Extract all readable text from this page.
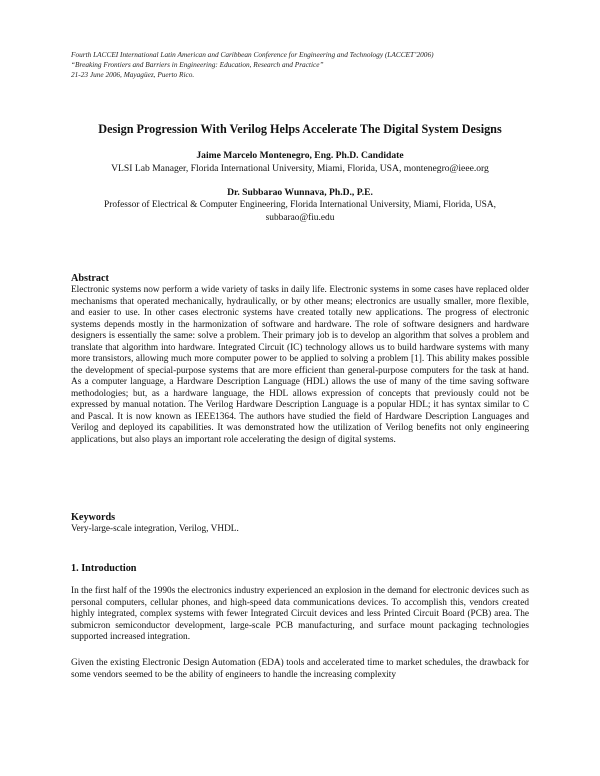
Fourth LACCEI International Latin American and Caribbean Conference for Engineering and Technology (LACCET’2006)
“Breaking Frontiers and Barriers in Engineering: Education, Research and Practice”
21-23 June 2006, Mayagüez, Puerto Rico.
Design Progression With Verilog Helps Accelerate The Digital System Designs
Jaime Marcelo Montenegro, Eng. Ph.D. Candidate
VLSI Lab Manager, Florida International University, Miami, Florida, USA, montenegro@ieee.org
Dr. Subbarao Wunnava, Ph.D., P.E.
Professor of Electrical & Computer Engineering, Florida International University, Miami, Florida, USA, subbarao@fiu.edu
Abstract

Electronic systems now perform a wide variety of tasks in daily life. Electronic systems in some cases have replaced older mechanisms that operated mechanically, hydraulically, or by other means; electronics are usually smaller, more flexible, and easier to use. In other cases electronic systems have created totally new applications. The progress of electronic systems depends mostly in the harmonization of software and hardware. The role of software designers and hardware designers is essentially the same: solve a problem. Their primary job is to develop an algorithm that solves a problem and translate that algorithm into hardware. Integrated Circuit (IC) technology allows us to build hardware systems with many more transistors, allowing much more computer power to be applied to solving a problem [1]. This ability makes possible the development of special-purpose systems that are more efficient than general-purpose computers for the task at hand. As a computer language, a Hardware Description Language (HDL) allows the use of many of the time saving software methodologies; but, as a hardware language, the HDL allows expression of concepts that previously could not be expressed by manual notation. The Verilog Hardware Description Language is a popular HDL; it has syntax similar to C and Pascal. It is now known as IEEE1364. The authors have studied the field of Hardware Description Languages and Verilog and deployed its capabilities. It was demonstrated how the utilization of Verilog benefits not only engineering applications, but also plays an important role accelerating the design of digital systems.

Keywords

Very-large-scale integration, Verilog, VHDL.

1. Introduction

In the first half of the 1990s the electronics industry experienced an explosion in the demand for electronic devices such as personal computers, cellular phones, and high-speed data communications devices. To accomplish this, vendors created highly integrated, complex systems with fewer Integrated Circuit devices and less Printed Circuit Board (PCB) area. The submicron semiconductor development, large-scale PCB manufacturing, and surface mount packaging technologies supported increased integration.

Given the existing Electronic Design Automation (EDA) tools and accelerated time to market schedules, the drawback for some vendors seemed to be the ability of engineers to handle the increasing complexity
